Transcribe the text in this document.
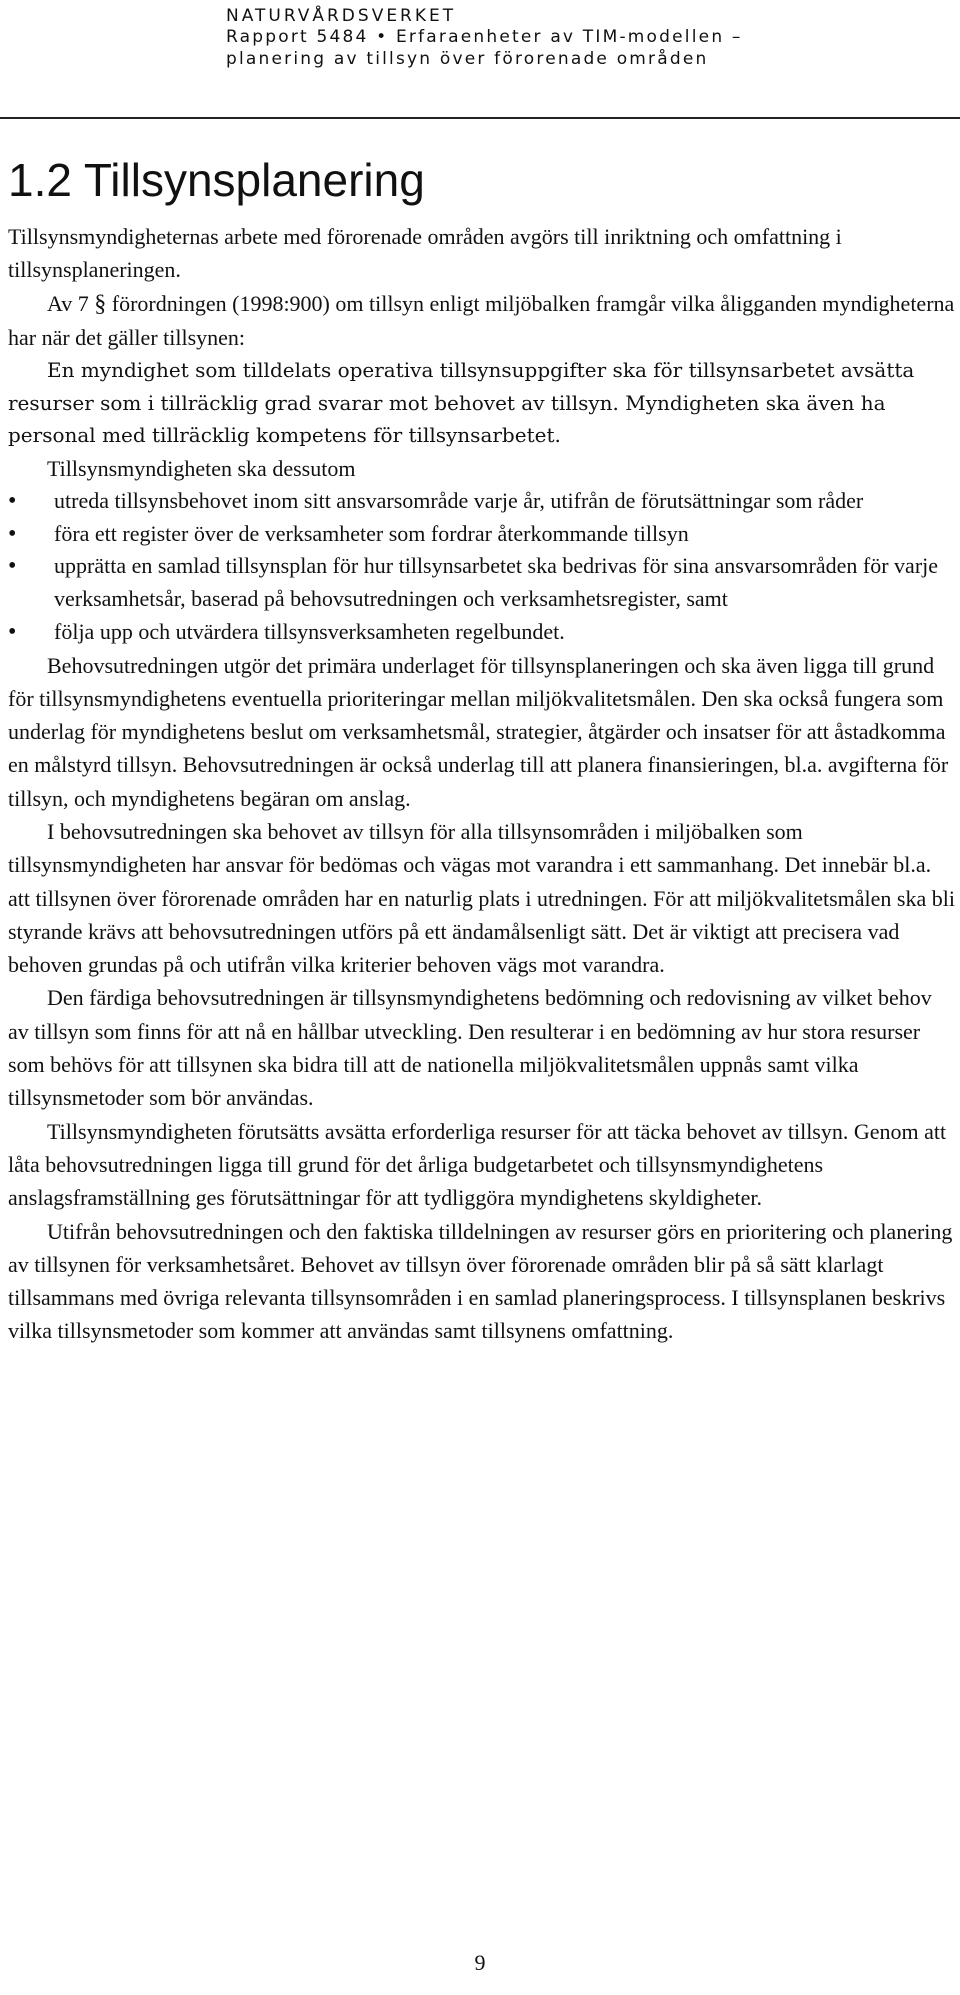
NATURVÅRDSVERKET
Rapport 5484 • Erfaraenheter av TIM-modellen –
planering av tillsyn över förorenade områden
1.2 Tillsynsplanering

Tillsynsmyndigheternas arbete med förorenade områden avgörs till inriktning och omfattning i tillsynsplaneringen.

Av 7 § förordningen (1998:900) om tillsyn enligt miljöbalken framgår vilka åligganden myndigheterna har när det gäller tillsynen:

En myndighet som tilldelats operativa tillsynsuppgifter ska för tillsynsarbetet avsätta resurser som i tillräcklig grad svarar mot behovet av tillsyn. Myndigheten ska även ha personal med tillräcklig kompetens för tillsynsarbetet.

Tillsynsmyndigheten ska dessutom

• utreda tillsynsbehovet inom sitt ansvarsområde varje år, utifrån de förutsättningar som råder
• föra ett register över de verksamheter som fordrar återkommande tillsyn
• upprätta en samlad tillsynsplan för hur tillsynsarbetet ska bedrivas för sina ansvarsområden för varje verksamhetsår, baserad på behovsutredningen och verksamhetsregister, samt
• följa upp och utvärdera tillsynsverksamheten regelbundet.

Behovsutredningen utgör det primära underlaget för tillsynsplaneringen och ska även ligga till grund för tillsynsmyndighetens eventuella prioriteringar mellan miljökvalitetsmålen. Den ska också fungera som underlag för myndighetens beslut om verksamhetsmål, strategier, åtgärder och insatser för att åstadkomma en målstyrd tillsyn. Behovsutredningen är också underlag till att planera finansieringen, bl.a. avgifterna för tillsyn, och myndighetens begäran om anslag.

I behovsutredningen ska behovet av tillsyn för alla tillsynsområden i miljöbalken som tillsynsmyndigheten har ansvar för bedömas och vägas mot varandra i ett sammanhang. Det innebär bl.a. att tillsynen över förorenade områden har en naturlig plats i utredningen. För att miljökvalitetsmålen ska bli styrande krävs att behovsutredningen utförs på ett ändamålsenligt sätt. Det är viktigt att precisera vad behoven grundas på och utifrån vilka kriterier behoven vägs mot varandra.

Den färdiga behovsutredningen är tillsynsmyndighetens bedömning och redovisning av vilket behov av tillsyn som finns för att nå en hållbar utveckling. Den resulterar i en bedömning av hur stora resurser som behövs för att tillsynen ska bidra till att de nationella miljökvalitetsmålen uppnås samt vilka tillsynsmetoder som bör användas.

Tillsynsmyndigheten förutsätts avsätta erforderliga resurser för att täcka behovet av tillsyn. Genom att låta behovsutredningen ligga till grund för det årliga budgetarbetet och tillsynsmyndighetens anslagsframställning ges förutsättningar för att tydliggöra myndighetens skyldigheter.

Utifrån behovsutredningen och den faktiska tilldelningen av resurser görs en prioritering och planering av tillsynen för verksamhetsåret. Behovet av tillsyn över förorenade områden blir på så sätt klarlagt tillsammans med övriga relevanta tillsynsområden i en samlad planeringsprocess. I tillsynsplanen beskrivs vilka tillsynsmetoder som kommer att användas samt tillsynens omfattning.

9
